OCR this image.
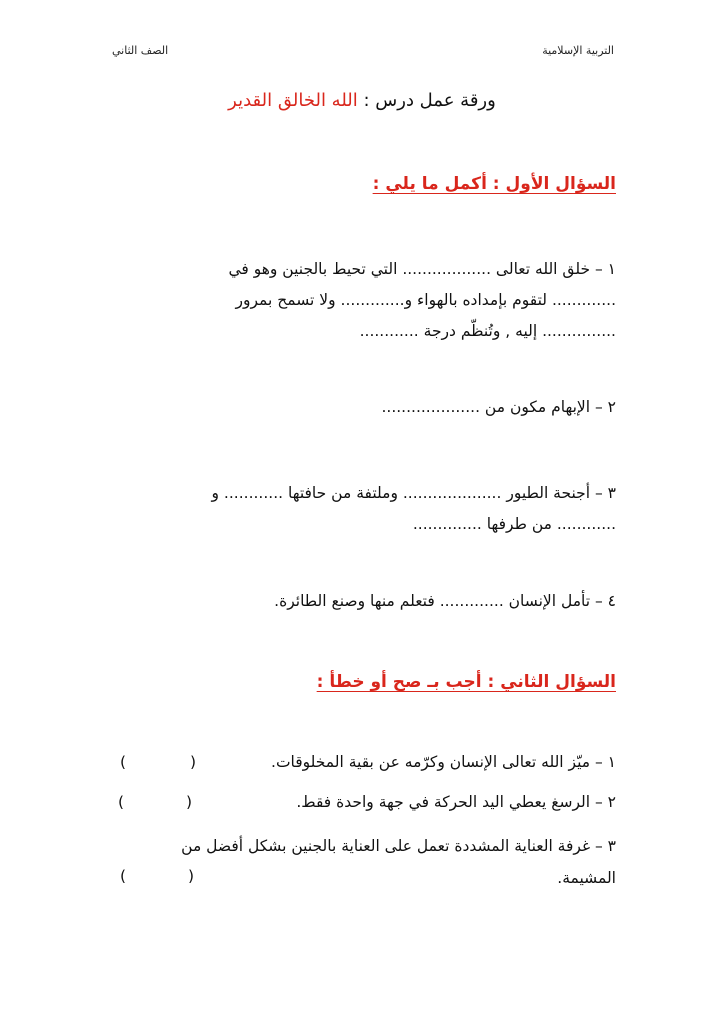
التربية الإسلامية
الصف الثاني
ورقة عمل درس : الله الخالق القدير
السؤال الأول : أكمل ما يلي :
١ – خلق الله تعالى .................. التي تحيط بالجنين وهو في
............. لتقوم بإمداده بالهواء و............. ولا تسمح بمرور
............... إليه , وتُنظّم درجة ............
٢ – الإبهام مكون من ....................
٣ – أجنحة الطيور .................... وملتفة من حافتها ............ و
............ من طرفها ..............
٤ – تأمل الإنسان ............. فتعلم منها وصنع الطائرة.
السؤال الثاني : أجب بـ صح أو خطأ :
١ – ميّز الله تعالى الإنسان وكرّمه عن بقية المخلوقات.
(
)
٢ – الرسغ يعطي اليد الحركة في جهة واحدة فقط.
(
)
٣ – غرفة العناية المشددة تعمل على العناية بالجنين بشكل أفضل من
المشيمة.
(
)
